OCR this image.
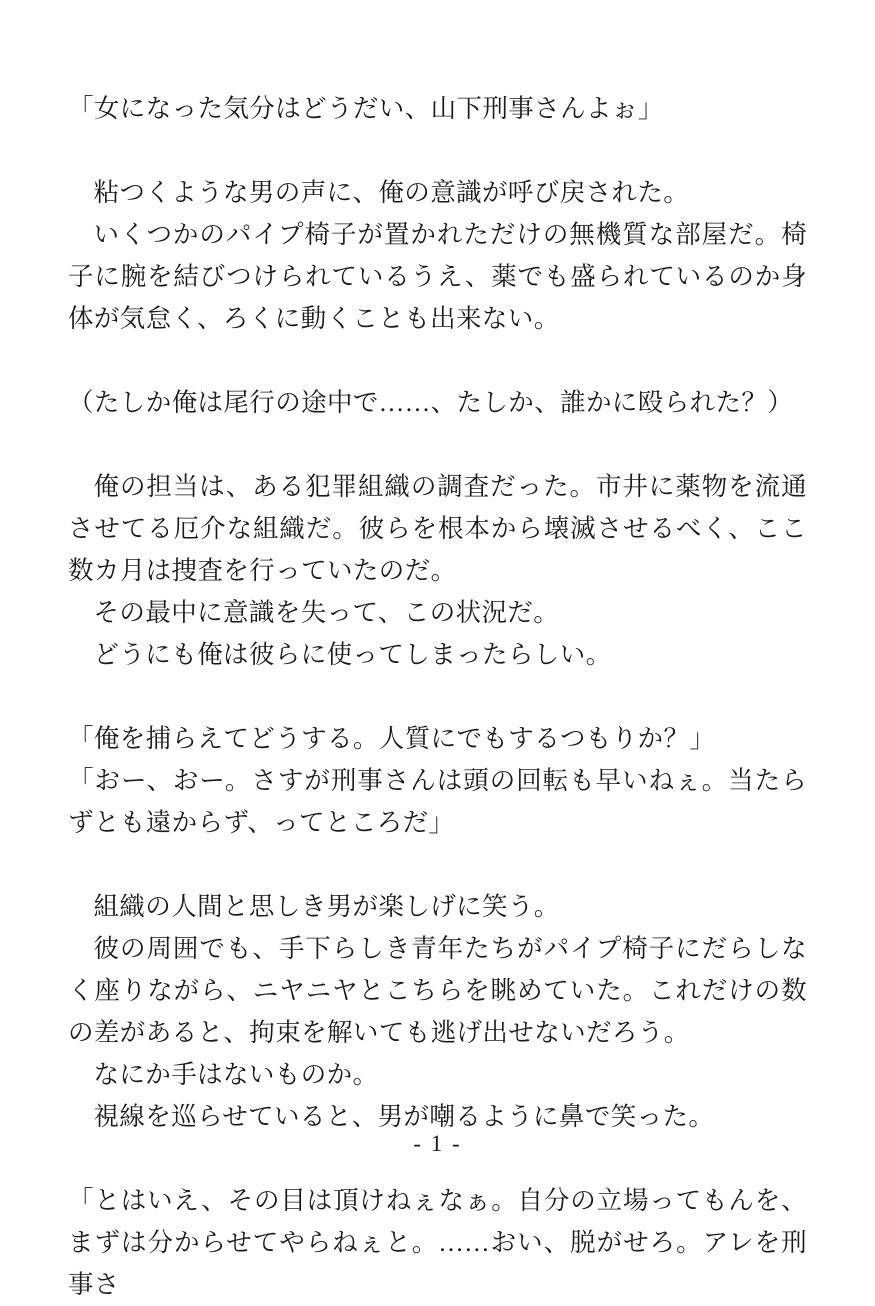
「女になった気分はどうだい、山下刑事さんよぉ」

粘つくような男の声に、俺の意識が呼び戻された。

いくつかのパイプ椅子が置かれただけの無機質な部屋だ。椅子に腕を結びつけられているうえ、薬でも盛られているのか身体が気怠く、ろくに動くことも出来ない。

（たしか俺は尾行の途中で……、たしか、誰かに殴られた？）

俺の担当は、ある犯罪組織の調査だった。市井に薬物を流通させてる厄介な組織だ。彼らを根本から壊滅させるべく、ここ数カ月は捜査を行っていたのだ。

その最中に意識を失って、この状況だ。

どうにも俺は彼らに使ってしまったらしい。

「俺を捕らえてどうする。人質にでもするつもりか？」

「おー、おー。さすが刑事さんは頭の回転も早いねぇ。当たらずとも遠からず、ってところだ」

組織の人間と思しき男が楽しげに笑う。

彼の周囲でも、手下らしき青年たちがパイプ椅子にだらしなく座りながら、ニヤニヤとこちらを眺めていた。これだけの数の差があると、拘束を解いても逃げ出せないだろう。

なにか手はないものか。

視線を巡らせていると、男が嘲るように鼻で笑った。

「とはいえ、その目は頂けねぇなぁ。自分の立場ってもんを、まずは分からせてやらねぇと。……おい、脱がせろ。アレを刑事さ

- 1 -
